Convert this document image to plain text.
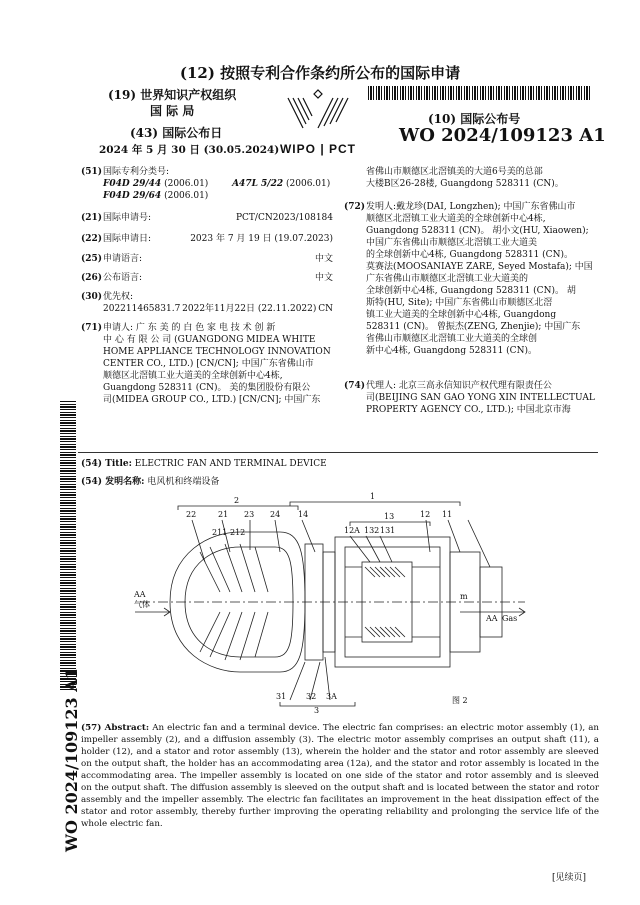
(12) 按照专利合作条约所公布的国际申请
(19) 世界知识产权组织
国 际 局
(43) 国际公布日
2024 年 5 月 30 日 (30.05.2024) WIPO | PCT
(10) 国际公布号
WO 2024/109123 A1
(51)国际专利分类号:
F04D 29/44 (2006.01)	A47L 5/22 (2006.01)
F04D 29/64 (2006.01)
(21)国际申请号:	PCT/CN2023/108184
(22)国际申请日:	2023 年 7 月 19 日 (19.07.2023)
(25)申请语言:	中文
(26)公布语言:	中文
(30)优先权:
202211465831.7 2022年11月22日 (22.11.2022) CN
(71) 申请人: 广 东 美 的 白 色 家 电 技 术 创 新
中 心 有 限 公 司 (GUANGDONG MIDEA WHITE
HOME APPLIANCE TECHNOLOGY INNOVATION
CENTER CO., LTD.) [CN/CN]; 中国广东省佛山市
顺德区北滘镇工业大道美的全球创新中心4栋,
Guangdong 528311 (CN)。 美的集团股份有限公
司(MIDEA GROUP CO., LTD.) [CN/CN]; 中国广东
省佛山市顺德区北滘镇美的大道6号美的总部
大楼B区26-28楼, Guangdong 528311 (CN)。
(72) 发明人:戴龙珍(DAI, Longzhen); 中国广东省佛山市
顺德区北滘镇工业大道美的全球创新中心4栋,
Guangdong 528311 (CN)。 胡小文(HU, Xiaowen);
中国广东省佛山市顺德区北滘镇工业大道美
的全球创新中心4栋, Guangdong 528311 (CN)。
莫赛法(MOOSANIAYE ZARE, Seyed Mostafa); 中国
广东省佛山市顺德区北滘镇工业大道美的
全球创新中心4栋, Guangdong 528311 (CN)。 胡
斯特(HU, Site); 中国广东省佛山市顺德区北滘
镇工业大道美的全球创新中心4栋, Guangdong
528311 (CN)。 曾振杰(ZENG, Zhenjie); 中国广东
省佛山市顺德区北滘镇工业大道美的全球创
新中心4栋, Guangdong 528311 (CN)。
(74) 代理人: 北京三高永信知识产权代理有限责任公
司(BEIJING SAN GAO YONG XIN INTELLECTUAL
PROPERTY AGENCY CO., LTD.); 中国北京市海
(54) Title: ELECTRIC FAN AND TERMINAL DEVICE
(54) 发明名称: 电风机和终端设备
2	1
22	21 23 24 14	13	12 11
211 212	12A 132 131
AA
气体
AA Gas
m
31 32 3A
3
图 2
(57) Abstract: An electric fan and a terminal device. The electric fan comprises: an electric motor assembly (1), an impeller assembly (2), and a diffusion assembly (3). The electric motor assembly comprises an output shaft (11), a holder (12), and a stator and rotor assembly (13), wherein the holder and the stator and rotor assembly are sleeved on the output shaft, the holder has an accommodating area (12a), and the stator and rotor assembly is located in the accommodating area. The impeller assembly is located on one side of the stator and rotor assembly and is sleeved on the output shaft. The diffusion assembly is sleeved on the output shaft and is located between the stator and rotor assembly and the impeller assembly. The electric fan facilitates an improvement in the heat dissipation effect of the stator and rotor assembly, thereby further improving the operating reliability and prolonging the service life of the whole electric fan.
WO 2024/109123 A1
[见续页]
